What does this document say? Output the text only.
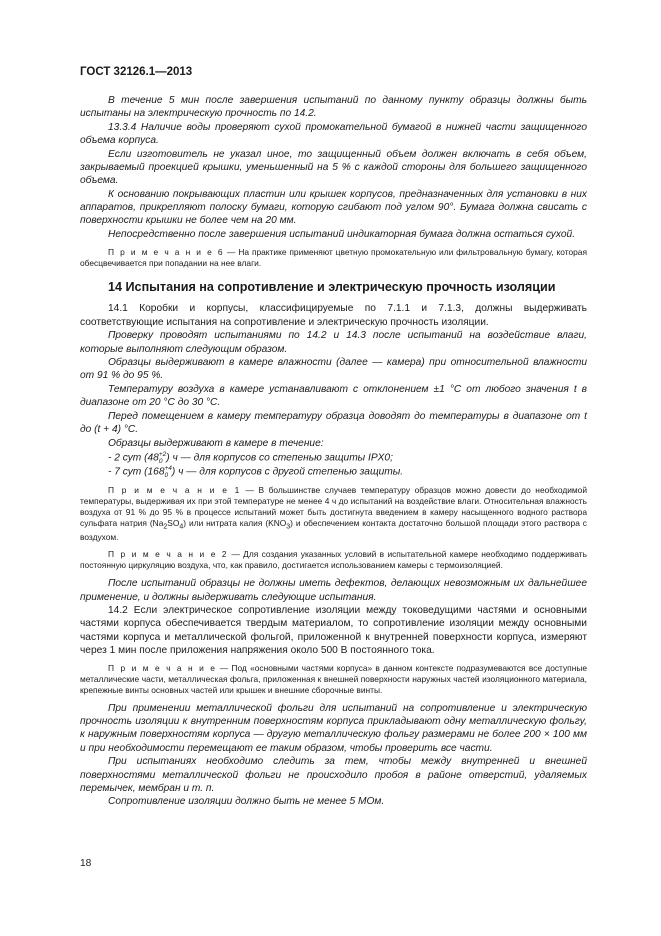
ГОСТ 32126.1—2013

В течение 5 мин после завершения испытаний по данному пункту образцы должны быть испытаны на электрическую прочность по 14.2.

13.3.4 Наличие воды проверяют сухой промокательной бумагой в нижней части защищенного объема корпуса.

Если изготовитель не указал иное, то защищенный объем должен включать в себя объем, закрываемый проекцией крышки, уменьшенный на 5 % с каждой стороны для большего защищенного объема.

К основанию покрывающих пластин или крышек корпусов, предназначенных для установки в них аппаратов, прикрепляют полоску бумаги, которую сгибают под углом 90°. Бумага должна свисать с поверхности крышки не более чем на 20 мм.

Непосредственно после завершения испытаний индикаторная бумага должна остаться сухой.

П р и м е ч а н и е 6 — На практике применяют цветную промокательную или фильтровальную бумагу, которая обесцвечивается при попадании на нее влаги.

14 Испытания на сопротивление и электрическую прочность изоляции

14.1 Коробки и корпусы, классифицируемые по 7.1.1 и 7.1.3, должны выдерживать соответствующие испытания на сопротивление и электрическую прочность изоляции.

Проверку проводят испытаниями по 14.2 и 14.3 после испытаний на воздействие влаги, которые выполняют следующим образом.

Образцы выдерживают в камере влажности (далее — камера) при относительной влажности от 91 % до 95 %.

Температуру воздуха в камере устанавливают с отклонением ±1 °С от любого значения t в диапазоне от 20 °С до 30 °С.

Перед помещением в камеру температуру образца доводят до температуры в диапазоне от t до (t + 4) °С.

Образцы выдерживают в камере в течение:

- 2 сут (48 +2
0 ) ч — для корпусов со степенью защиты IPX0;

- 7 сут (168 +4
0 ) ч — для корпусов с другой степенью защиты.

П р и м е ч а н и е 1 — В большинстве случаев температуру образцов можно довести до необходимой температуры, выдерживая их при этой температуре не менее 4 ч до испытаний на воздействие влаги. Относительная влажность воздуха от 91 % до 95 % в процессе испытаний может быть достигнута введением в камеру насыщенного водного раствора сульфата натрия $(Na_2SO_4)$ или нитрата калия $(KNO_3)$ и обеспечением контакта достаточно большой площади этого раствора с воздухом.

П р и м е ч а н и е 2 — Для создания указанных условий в испытательной камере необходимо поддерживать постоянную циркуляцию воздуха, что, как правило, достигается использованием камеры с термоизоляцией.

После испытаний образцы не должны иметь дефектов, делающих невозможным их дальнейшее применение, и должны выдерживать следующие испытания.

14.2 Если электрическое сопротивление изоляции между токоведущими частями и основными частями корпуса обеспечивается твердым материалом, то сопротивление изоляции между основными частями корпуса и металлической фольгой, приложенной к внутренней поверхности корпуса, измеряют через 1 мин после приложения напряжения около 500 В постоянного тока.

П р и м е ч а н и е — Под «основными частями корпуса» в данном контексте подразумеваются все доступные металлические части, металлическая фольга, приложенная к внешней поверхности наружных частей изоляционного материала, крепежные винты основных частей или крышек и внешние сборочные винты.

При применении металлической фольги для испытаний на сопротивление и электрическую прочность изоляции к внутренним поверхностям корпуса прикладывают одну металлическую фольгу, к наружным поверхностям корпуса — другую металлическую фольгу размерами не более 200 × 100 мм и при необходимости перемещают ее таким образом, чтобы проверить все части.

При испытаниях необходимо следить за тем, чтобы между внутренней и внешней поверхностями металлической фольги не происходило пробоя в районе отверстий, удаляемых перемычек, мембран и т. п.

Сопротивление изоляции должно быть не менее 5 МОм.

18
